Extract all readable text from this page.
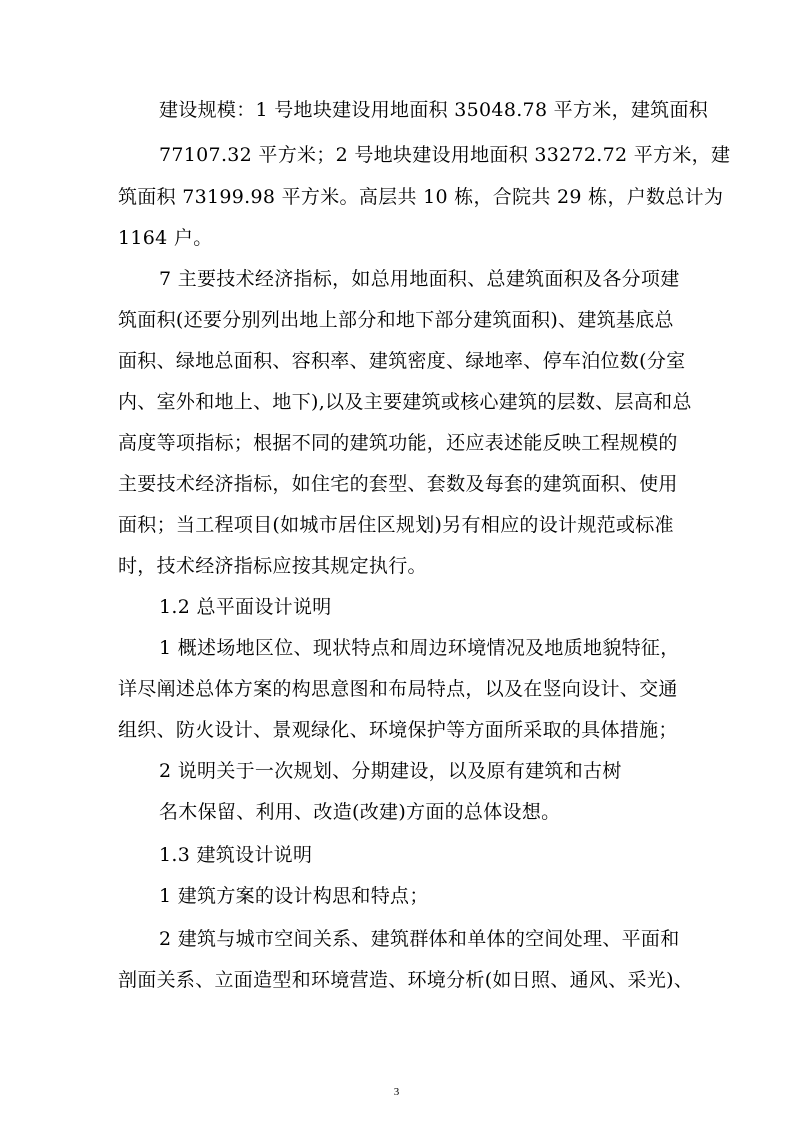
建设规模：1 号地块建设用地面积 35048.78 平方米，建筑面积
77107.32 平方米；2 号地块建设用地面积 33272.72 平方米，建
筑面积 73199.98 平方米。高层共 10 栋，合院共 29 栋，户数总计为
1164 户。
7 主要技术经济指标，如总用地面积、总建筑面积及各分项建
筑面积(还要分别列出地上部分和地下部分建筑面积)、建筑基底总
面积、绿地总面积、容积率、建筑密度、绿地率、停车泊位数(分室
内、室外和地上、地下),以及主要建筑或核心建筑的层数、层高和总
高度等项指标；根据不同的建筑功能，还应表述能反映工程规模的
主要技术经济指标，如住宅的套型、套数及每套的建筑面积、使用
面积；当工程项目(如城市居住区规划)另有相应的设计规范或标准
时，技术经济指标应按其规定执行。
1.2 总平面设计说明
1 概述场地区位、现状特点和周边环境情况及地质地貌特征，
详尽阐述总体方案的构思意图和布局特点，以及在竖向设计、交通
组织、防火设计、景观绿化、环境保护等方面所采取的具体措施；
2 说明关于一次规划、分期建设，以及原有建筑和古树
名木保留、利用、改造(改建)方面的总体设想。
1.3 建筑设计说明
1 建筑方案的设计构思和特点；
2 建筑与城市空间关系、建筑群体和单体的空间处理、平面和
剖面关系、立面造型和环境营造、环境分析(如日照、通风、采光)、
3
